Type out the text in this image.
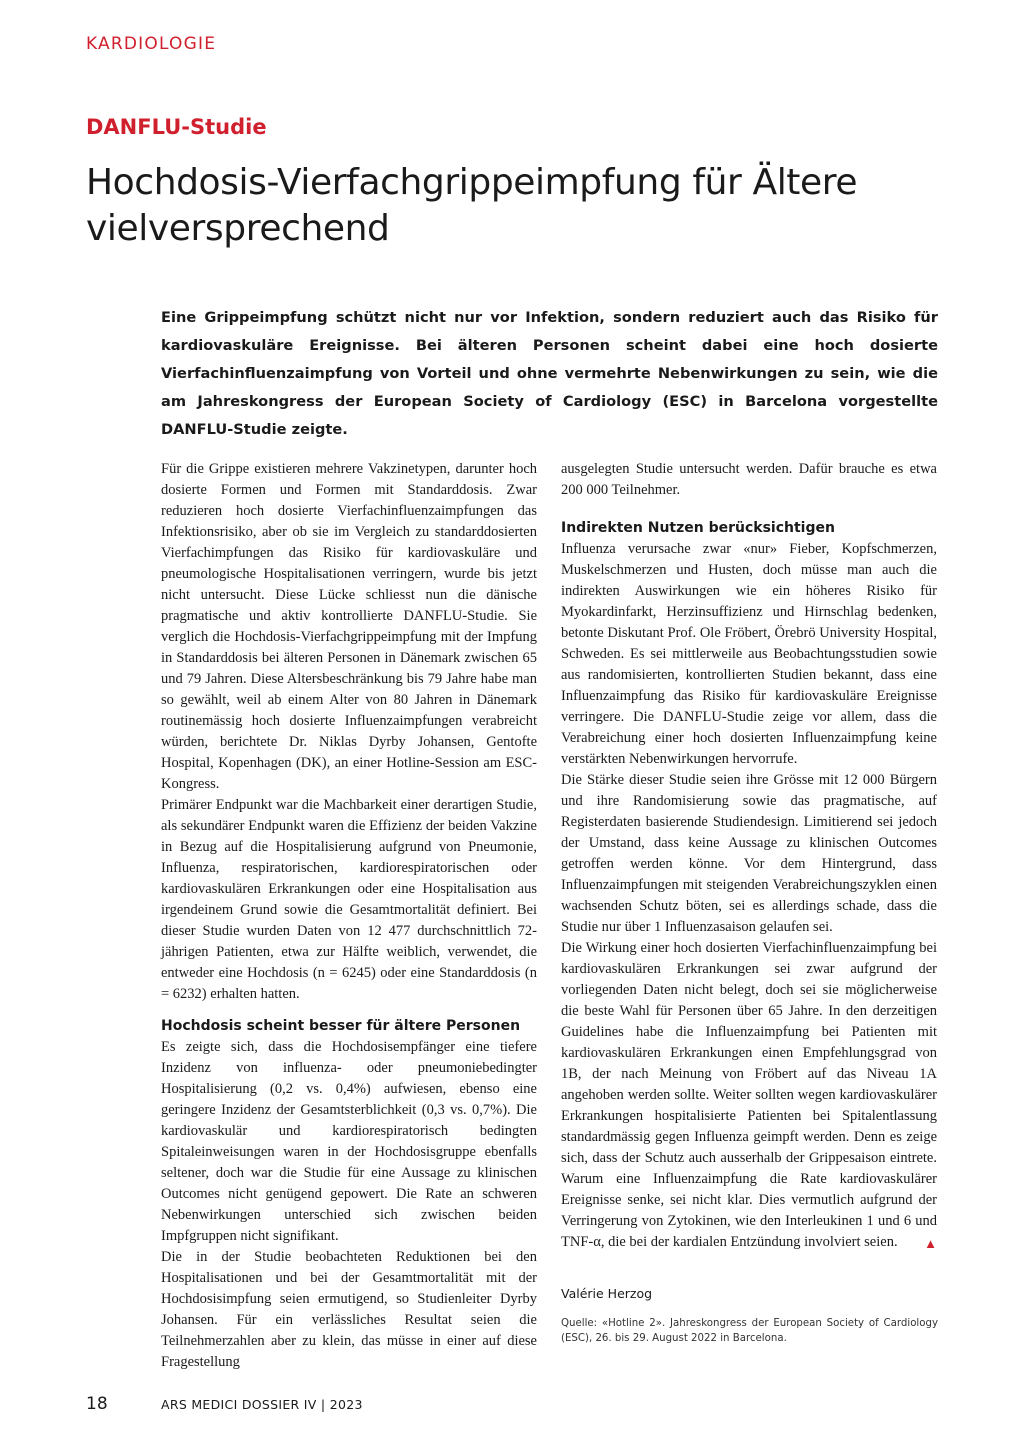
KARDIOLOGIE
DANFLU-Studie
Hochdosis-Vierfachgrippeimpfung für Ältere vielversprechend

Eine Grippeimpfung schützt nicht nur vor Infektion, sondern reduziert auch das Risiko für kardiovaskuläre Ereignisse. Bei älteren Personen scheint dabei eine hoch dosierte Vierfachinfluenzaimpfung von Vorteil und ohne vermehrte Nebenwirkungen zu sein, wie die am Jahreskongress der European Society of Cardiology (ESC) in Barcelona vorgestellte DANFLU-Studie zeigte.

Für die Grippe existieren mehrere Vakzinetypen, darunter hoch dosierte Formen und Formen mit Standarddosis. Zwar reduzieren hoch dosierte Vierfachinfluenzaimpfungen das Infektionsrisiko, aber ob sie im Vergleich zu standarddosierten Vierfachimpfungen das Risiko für kardiovaskuläre und pneumologische Hospitalisationen verringern, wurde bis jetzt nicht untersucht. Diese Lücke schliesst nun die dänische pragmatische und aktiv kontrollierte DANFLU-Studie. Sie verglich die Hochdosis-Vierfachgrippeimpfung mit der Impfung in Standarddosis bei älteren Personen in Dänemark zwischen 65 und 79 Jahren. Diese Altersbeschränkung bis 79 Jahre habe man so gewählt, weil ab einem Alter von 80 Jahren in Dänemark routinemässig hoch dosierte Influenzaimpfungen verabreicht würden, berichtete Dr. Niklas Dyrby Johansen, Gentofte Hospital, Kopenhagen (DK), an einer Hotline-Session am ESC-Kongress.

Primärer Endpunkt war die Machbarkeit einer derartigen Studie, als sekundärer Endpunkt waren die Effizienz der beiden Vakzine in Bezug auf die Hospitalisierung aufgrund von Pneumonie, Influenza, respiratorischen, kardiorespiratorischen oder kardiovaskulären Erkrankungen oder eine Hospitalisation aus irgendeinem Grund sowie die Gesamtmortalität definiert. Bei dieser Studie wurden Daten von 12 477 durchschnittlich 72-jährigen Patienten, etwa zur Hälfte weiblich, verwendet, die entweder eine Hochdosis (n = 6245) oder eine Standarddosis (n = 6232) erhalten hatten.

Hochdosis scheint besser für ältere Personen

Es zeigte sich, dass die Hochdosisempfänger eine tiefere Inzidenz von influenza- oder pneumoniebedingter Hospitalisierung (0,2 vs. 0,4%) aufwiesen, ebenso eine geringere Inzidenz der Gesamtsterblichkeit (0,3 vs. 0,7%). Die kardiovaskulär und kardiorespiratorisch bedingten Spitaleinweisungen waren in der Hochdosisgruppe ebenfalls seltener, doch war die Studie für eine Aussage zu klinischen Outcomes nicht genügend gepowert. Die Rate an schweren Nebenwirkungen unterschied sich zwischen beiden Impfgruppen nicht signifikant.

Die in der Studie beobachteten Reduktionen bei den Hospitalisationen und bei der Gesamtmortalität mit der Hochdosisimpfung seien ermutigend, so Studienleiter Dyrby Johansen. Für ein verlässliches Resultat seien die Teilnehmerzahlen aber zu klein, das müsse in einer auf diese Fragestellung

ausgelegten Studie untersucht werden. Dafür brauche es etwa 200 000 Teilnehmer.

Indirekten Nutzen berücksichtigen

Influenza verursache zwar «nur» Fieber, Kopfschmerzen, Muskelschmerzen und Husten, doch müsse man auch die indirekten Auswirkungen wie ein höheres Risiko für Myokardinfarkt, Herzinsuffizienz und Hirnschlag bedenken, betonte Diskutant Prof. Ole Fröbert, Örebrö University Hospital, Schweden. Es sei mittlerweile aus Beobachtungsstudien sowie aus randomisierten, kontrollierten Studien bekannt, dass eine Influenzaimpfung das Risiko für kardiovaskuläre Ereignisse verringere. Die DANFLU-Studie zeige vor allem, dass die Verabreichung einer hoch dosierten Influenzaimpfung keine verstärkten Nebenwirkungen hervorrufe.

Die Stärke dieser Studie seien ihre Grösse mit 12 000 Bürgern und ihre Randomisierung sowie das pragmatische, auf Registerdaten basierende Studiendesign. Limitierend sei jedoch der Umstand, dass keine Aussage zu klinischen Outcomes getroffen werden könne. Vor dem Hintergrund, dass Influenzaimpfungen mit steigenden Verabreichungszyklen einen wachsenden Schutz böten, sei es allerdings schade, dass die Studie nur über 1 Influenzasaison gelaufen sei.

Die Wirkung einer hoch dosierten Vierfachinfluenzaimpfung bei kardiovaskulären Erkrankungen sei zwar aufgrund der vorliegenden Daten nicht belegt, doch sei sie möglicherweise die beste Wahl für Personen über 65 Jahre. In den derzeitigen Guidelines habe die Influenzaimpfung bei Patienten mit kardiovaskulären Erkrankungen einen Empfehlungsgrad von 1B, der nach Meinung von Fröbert auf das Niveau 1A angehoben werden sollte. Weiter sollten wegen kardiovaskulärer Erkrankungen hospitalisierte Patienten bei Spitalentlassung standardmässig gegen Influenza geimpft werden. Denn es zeige sich, dass der Schutz auch ausserhalb der Grippesaison eintrete. Warum eine Influenzaimpfung die Rate kardiovaskulärer Ereignisse senke, sei nicht klar. Dies vermutlich aufgrund der Verringerung von Zytokinen, wie den Interleukinen 1 und 6 und TNF-α, die bei der kardialen Entzündung involviert seien. ▲

Valérie Herzog

Quelle: «Hotline 2». Jahreskongress der European Society of Cardiology (ESC), 26. bis 29. August 2022 in Barcelona.

18	ARS MEDICI DOSSIER IV | 2023
